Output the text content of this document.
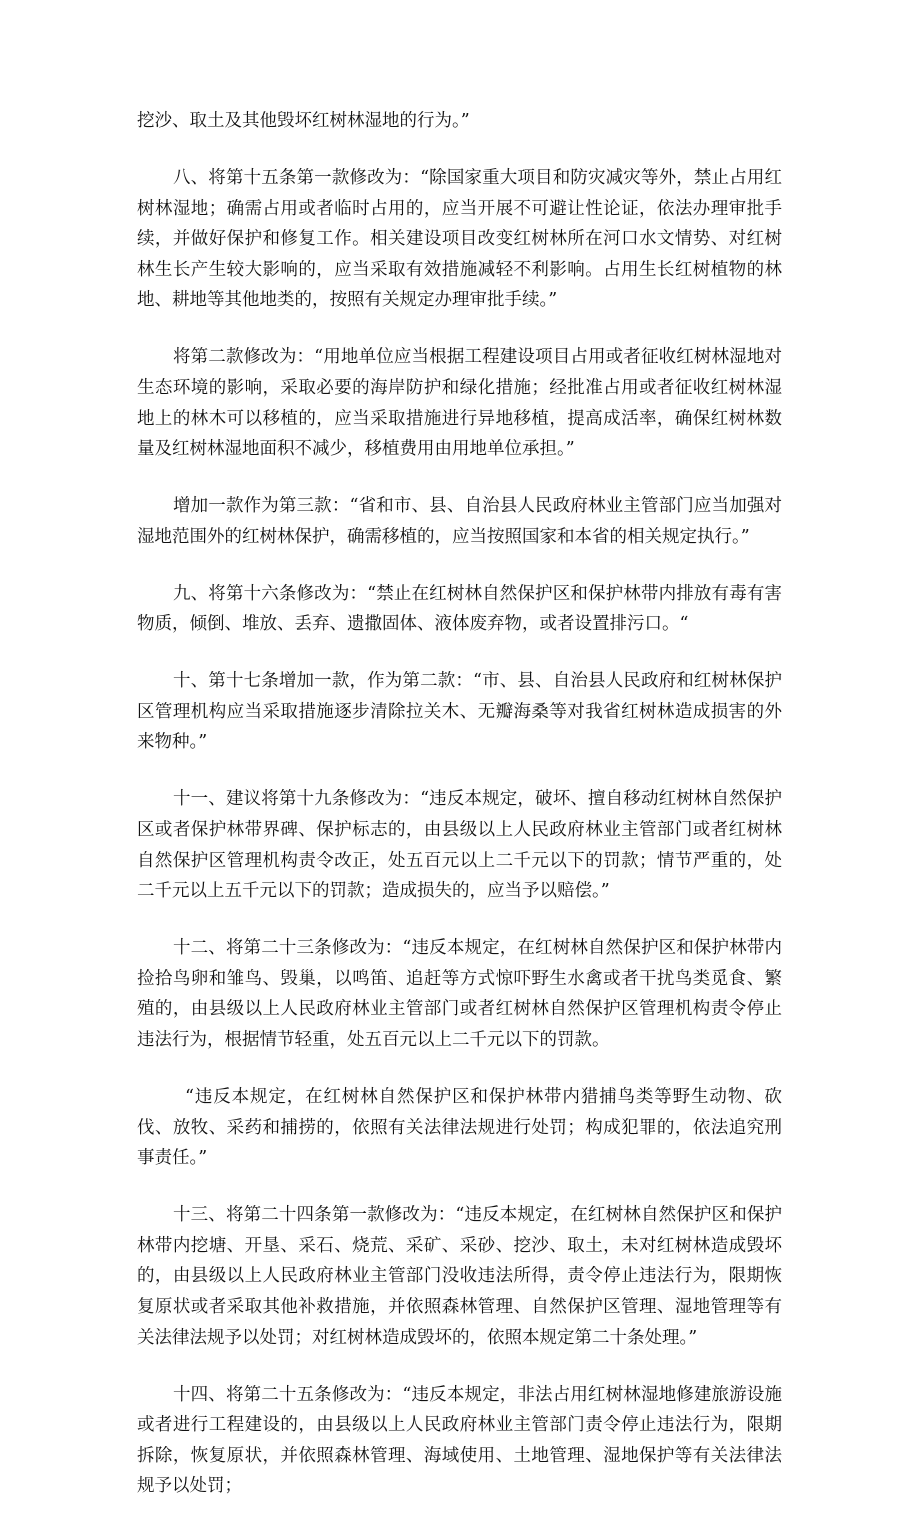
挖沙、取土及其他毁坏红树林湿地的行为。”

八、将第十五条第一款修改为：“除国家重大项目和防灾减灾等外，禁止占用红树林湿地；确需占用或者临时占用的，应当开展不可避让性论证，依法办理审批手续，并做好保护和修复工作。相关建设项目改变红树林所在河口水文情势、对红树林生长产生较大影响的，应当采取有效措施减轻不利影响。占用生长红树植物的林地、耕地等其他地类的，按照有关规定办理审批手续。”

将第二款修改为：“用地单位应当根据工程建设项目占用或者征收红树林湿地对生态环境的影响，采取必要的海岸防护和绿化措施；经批准占用或者征收红树林湿地上的林木可以移植的，应当采取措施进行异地移植，提高成活率，确保红树林数量及红树林湿地面积不减少，移植费用由用地单位承担。”

增加一款作为第三款：“省和市、县、自治县人民政府林业主管部门应当加强对湿地范围外的红树林保护，确需移植的，应当按照国家和本省的相关规定执行。”

九、将第十六条修改为：“禁止在红树林自然保护区和保护林带内排放有毒有害物质，倾倒、堆放、丢弃、遗撒固体、液体废弃物，或者设置排污口。“

十、第十七条增加一款，作为第二款：“市、县、自治县人民政府和红树林保护区管理机构应当采取措施逐步清除拉关木、无瓣海桑等对我省红树林造成损害的外来物种。”

十一、建议将第十九条修改为：“违反本规定，破坏、擅自移动红树林自然保护区或者保护林带界碑、保护标志的，由县级以上人民政府林业主管部门或者红树林自然保护区管理机构责令改正，处五百元以上二千元以下的罚款；情节严重的，处二千元以上五千元以下的罚款；造成损失的，应当予以赔偿。”

十二、将第二十三条修改为：“违反本规定，在红树林自然保护区和保护林带内捡拾鸟卵和雏鸟、毁巢，以鸣笛、追赶等方式惊吓野生水禽或者干扰鸟类觅食、繁殖的，由县级以上人民政府林业主管部门或者红树林自然保护区管理机构责令停止违法行为，根据情节轻重，处五百元以上二千元以下的罚款。

“违反本规定，在红树林自然保护区和保护林带内猎捕鸟类等野生动物、砍伐、放牧、采药和捕捞的，依照有关法律法规进行处罚；构成犯罪的，依法追究刑事责任。”

十三、将第二十四条第一款修改为：“违反本规定，在红树林自然保护区和保护林带内挖塘、开垦、采石、烧荒、采矿、采砂、挖沙、取土，未对红树林造成毁坏的，由县级以上人民政府林业主管部门没收违法所得，责令停止违法行为，限期恢复原状或者采取其他补救措施，并依照森林管理、自然保护区管理、湿地管理等有关法律法规予以处罚；对红树林造成毁坏的，依照本规定第二十条处理。”

十四、将第二十五条修改为：“违反本规定，非法占用红树林湿地修建旅游设施或者进行工程建设的，由县级以上人民政府林业主管部门责令停止违法行为，限期拆除，恢复原状，并依照森林管理、海域使用、土地管理、湿地保护等有关法律法规予以处罚；
